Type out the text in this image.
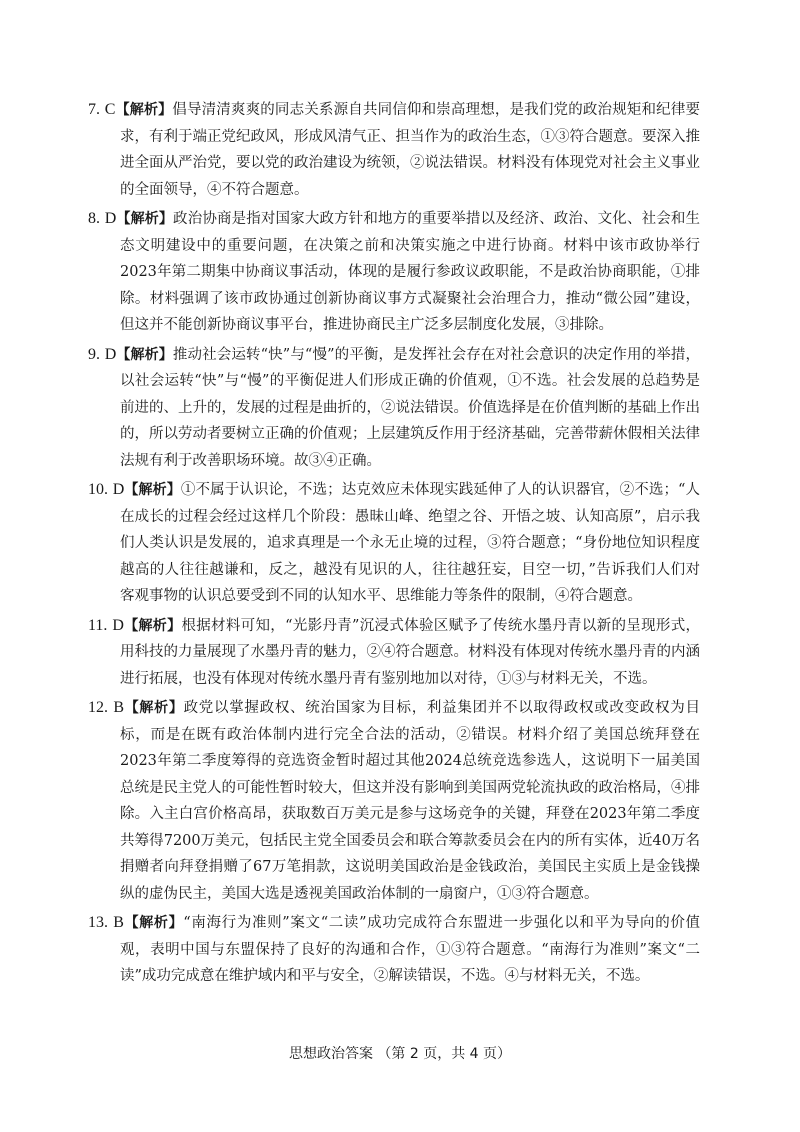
7. C【解析】倡导清清爽爽的同志关系源自共同信仰和崇高理想，是我们党的政治规矩和纪律要求，有利于端正党纪政风，形成风清气正、担当作为的政治生态，①③符合题意。要深入推进全面从严治党，要以党的政治建设为统领，②说法错误。材料没有体现党对社会主义事业的全面领导，④不符合题意。

8. D【解析】政治协商是指对国家大政方针和地方的重要举措以及经济、政治、文化、社会和生态文明建设中的重要问题，在决策之前和决策实施之中进行协商。材料中该市政协举行2023年第二期集中协商议事活动，体现的是履行参政议政职能，不是政治协商职能，①排除。材料强调了该市政协通过创新协商议事方式凝聚社会治理合力，推动“微公园”建设，但这并不能创新协商议事平台，推进协商民主广泛多层制度化发展，③排除。

9. D【解析】推动社会运转“快”与“慢”的平衡，是发挥社会存在对社会意识的决定作用的举措，以社会运转“快”与“慢”的平衡促进人们形成正确的价值观，①不选。社会发展的总趋势是前进的、上升的，发展的过程是曲折的，②说法错误。价值选择是在价值判断的基础上作出的，所以劳动者要树立正确的价值观；上层建筑反作用于经济基础，完善带薪休假相关法律法规有利于改善职场环境。故③④正确。

10. D【解析】①不属于认识论，不选；达克效应未体现实践延伸了人的认识器官，②不选；“人在成长的过程会经过这样几个阶段：愚昧山峰、绝望之谷、开悟之坡、认知高原”，启示我们人类认识是发展的，追求真理是一个永无止境的过程，③符合题意；“身份地位知识程度越高的人往往越谦和，反之，越没有见识的人，往往越狂妄，目空一切，”告诉我们人们对客观事物的认识总要受到不同的认知水平、思维能力等条件的限制，④符合题意。

11. D【解析】根据材料可知，“光影丹青”沉浸式体验区赋予了传统水墨丹青以新的呈现形式，用科技的力量展现了水墨丹青的魅力，②④符合题意。材料没有体现对传统水墨丹青的内涵进行拓展，也没有体现对传统水墨丹青有鉴别地加以对待，①③与材料无关，不选。

12. B【解析】政党以掌握政权、统治国家为目标，利益集团并不以取得政权或改变政权为目标，而是在既有政治体制内进行完全合法的活动，②错误。材料介绍了美国总统拜登在2023年第二季度筹得的竞选资金暂时超过其他2024总统竞选参选人，这说明下一届美国总统是民主党人的可能性暂时较大，但这并没有影响到美国两党轮流执政的政治格局，④排除。入主白宫价格高昂，获取数百万美元是参与这场竞争的关键，拜登在2023年第二季度共筹得7200万美元，包括民主党全国委员会和联合筹款委员会在内的所有实体，近40万名捐赠者向拜登捐赠了67万笔捐款，这说明美国政治是金钱政治，美国民主实质上是金钱操纵的虚伪民主，美国大选是透视美国政治体制的一扇窗户，①③符合题意。

13. B【解析】“南海行为准则”案文“二读”成功完成符合东盟进一步强化以和平为导向的价值观，表明中国与东盟保持了良好的沟通和合作，①③符合题意。“南海行为准则”案文“二读”成功完成意在维护域内和平与安全，②解读错误，不选。④与材料无关，不选。

思想政治答案 （第 2 页，共 4 页）
